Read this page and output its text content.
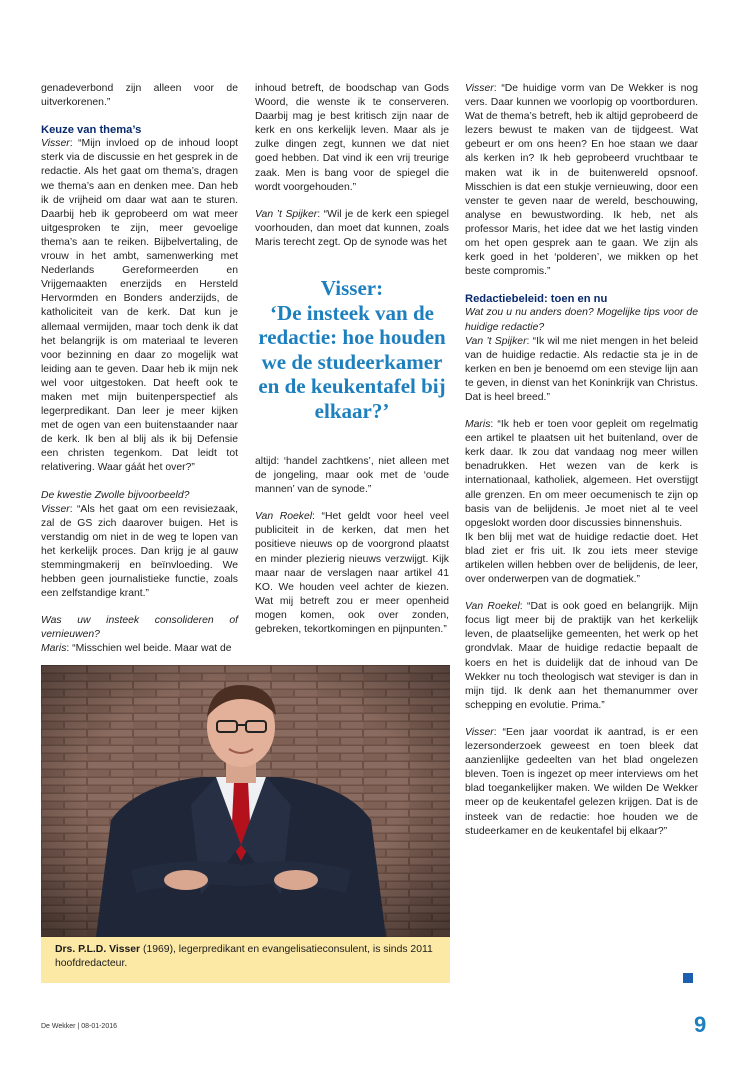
genadeverbond zijn alleen voor de uitverkorenen.”

Keuze van thema’s

Visser: “Mijn invloed op de inhoud loopt sterk via de discussie en het gesprek in de redactie. Als het gaat om thema’s, dragen we thema’s aan en denken mee. Dan heb ik de vrijheid om daar wat aan te sturen. Daarbij heb ik geprobeerd om wat meer uitgesproken te zijn, meer gevoelige thema’s aan te reiken. Bijbelvertaling, de vrouw in het ambt, samenwerking met Nederlands Gereformeerden en Vrijgemaakten enerzijds en Hersteld Hervormden en Bonders anderzijds, de katholiciteit van de kerk. Dat kun je allemaal vermijden, maar toch denk ik dat het belangrijk is om materiaal te leveren voor bezinning en daar zo mogelijk wat leiding aan te geven. Daar heb ik mijn nek wel voor uitgestoken. Dat heeft ook te maken met mijn buitenperspectief als legerpredikant. Dan leer je meer kijken met de ogen van een buitenstaander naar de kerk. Ik ben al blij als ik bij Defensie een christen tegenkom. Dat leidt tot relativering. Waar gáát het over?”

De kwestie Zwolle bijvoorbeeld?

Visser: “Als het gaat om een revisiezaak, zal de GS zich daarover buigen. Het is verstandig om niet in de weg te lopen van het kerkelijk proces. Dan krijg je al gauw stemmingmakerij en beïnvloeding. We hebben geen journalistieke functie, zoals een zelfstandige krant.”

Was uw insteek consolideren of vernieuwen?

Maris: “Misschien wel beide. Maar wat de

inhoud betreft, de boodschap van Gods Woord, die wenste ik te conserveren. Daarbij mag je best kritisch zijn naar de kerk en ons kerkelijk leven. Maar als je zulke dingen zegt, kunnen we dat niet goed hebben. Dat vind ik een vrij treurige zaak. Men is bang voor de spiegel die wordt voorgehouden.”

Van ’t Spijker: “Wil je de kerk een spiegel voorhouden, dan moet dat kunnen, zoals Maris terecht zegt. Op de synode was het

Visser:
‘De insteek van de redactie: hoe houden we de studeerkamer en de keukentafel bij elkaar?’

altijd: ‘handel zachtkens’, niet alleen met de jongeling, maar ook met de ‘oude mannen’ van de synode.”

Van Roekel: “Het geldt voor heel veel publiciteit in de kerken, dat men het positieve nieuws op de voorgrond plaatst en minder plezierig nieuws verzwijgt. Kijk maar naar de verslagen naar artikel 41 KO. We houden veel achter de kiezen. Wat mij betreft zou er meer openheid mogen komen, ook over zonden, gebreken, tekortkomingen en pijnpunten.”

Visser: “De huidige vorm van De Wekker is nog vers. Daar kunnen we voorlopig op voortborduren. Wat de thema’s betreft, heb ik altijd geprobeerd de lezers bewust te maken van de tijdgeest. Wat gebeurt er om ons heen? En hoe staan we daar als kerken in? Ik heb geprobeerd vruchtbaar te maken wat ik in de buitenwereld opsnoof. Misschien is dat een stukje vernieuwing, door een venster te geven naar de wereld, beschouwing, analyse en bewustwording. Ik heb, net als professor Maris, het idee dat we het lastig vinden om het open gesprek aan te gaan. We zijn als kerk goed in het ‘polderen’, we mikken op het beste compromis.”

Redactiebeleid: toen en nu

Wat zou u nu anders doen? Mogelijke tips voor de huidige redactie?

Van ’t Spijker: “Ik wil me niet mengen in het beleid van de huidige redactie. Als redactie sta je in de kerken en ben je benoemd om een stevige lijn aan te geven, in dienst van het Koninkrijk van Christus. Dat is heel breed.”

Maris: “Ik heb er toen voor gepleit om regelmatig een artikel te plaatsen uit het buitenland, over de kerk daar. Ik zou dat vandaag nog meer willen benadrukken. Het wezen van de kerk is internationaal, katholiek, algemeen. Het overstijgt alle grenzen. En om meer oecumenisch te zijn op basis van de belijdenis. Je moet niet al te veel opgeslokt worden door discussies binnenshuis.

Ik ben blij met wat de huidige redactie doet. Het blad ziet er fris uit. Ik zou iets meer stevige artikelen willen hebben over de belijdenis, de leer, over onderwerpen van de dogmatiek.”

Van Roekel: “Dat is ook goed en belangrijk. Mijn focus ligt meer bij de praktijk van het kerkelijk leven, de plaatselijke gemeenten, het werk op het grondvlak. Maar de huidige redactie bepaalt de koers en het is duidelijk dat de inhoud van De Wekker nu toch theologisch wat steviger is dan in mijn tijd. Ik denk aan het themanummer over schepping en evolutie. Prima.”

Visser: “Een jaar voordat ik aantrad, is er een lezersonderzoek geweest en toen bleek dat aanzienlijke gedeelten van het blad ongelezen bleven. Toen is ingezet op meer interviews om het blad toegankelijker maken. We wilden De Wekker meer op de keukentafel gelezen krijgen. Dat is de insteek van de redactie: hoe houden we de studeerkamer en de keukentafel bij elkaar?”

Drs. P.L.D. Visser (1969), legerpredikant en evangelisatieconsulent, is sinds 2011 hoofdredacteur.
De Wekker | 08-01-2016	9
